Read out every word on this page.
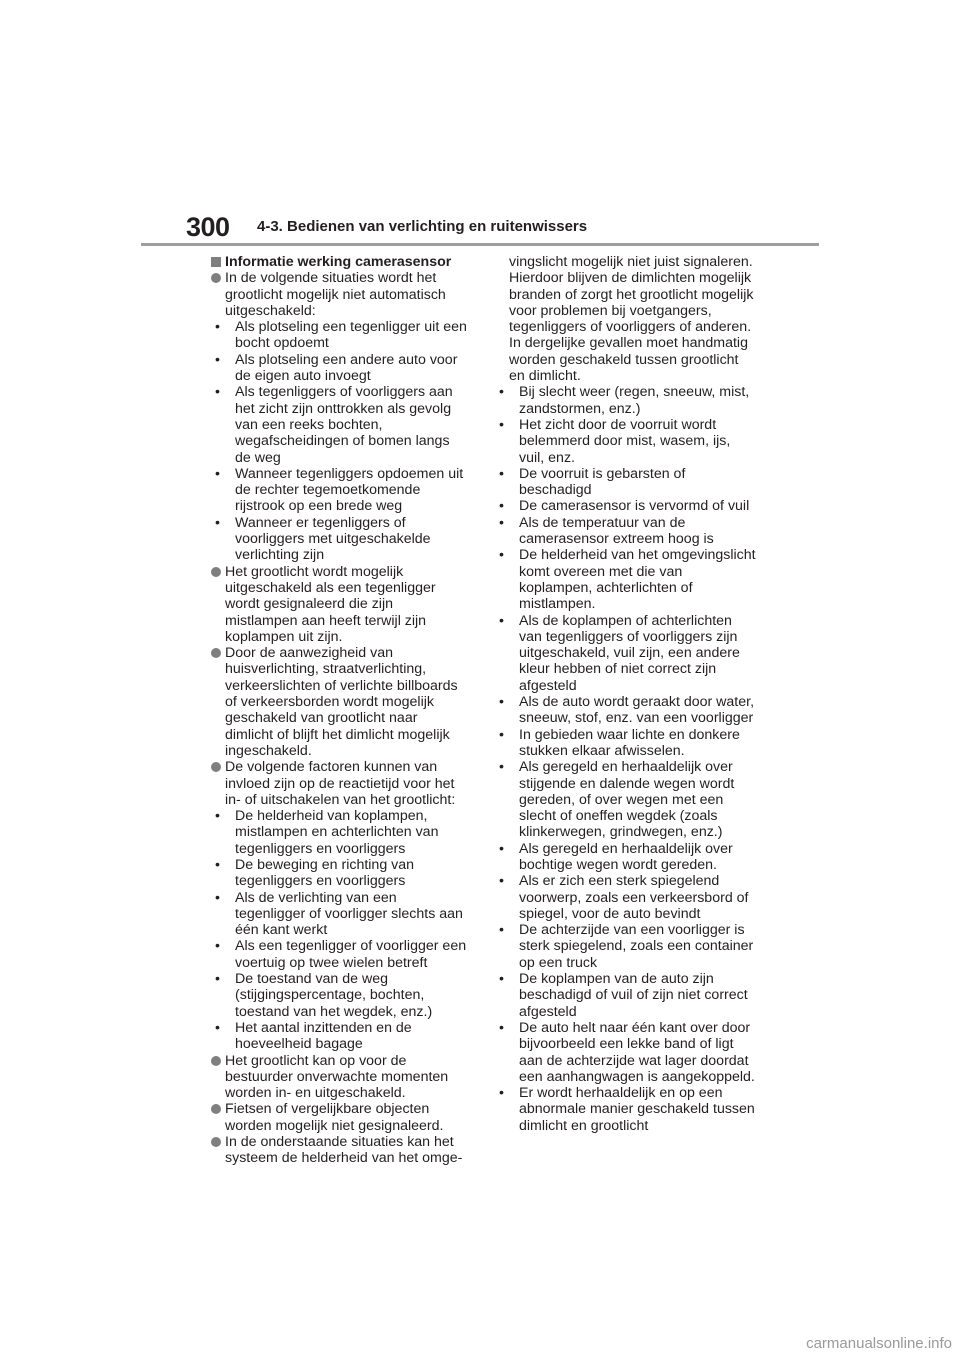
300 4-3. Bedienen van verlichting en ruitenwissers
Informatie werking camerasensor
In de volgende situaties wordt het grootlicht mogelijk niet automatisch uitgeschakeld:
• Als plotseling een tegenligger uit een bocht opdoemt
• Als plotseling een andere auto voor de eigen auto invoegt
• Als tegenliggers of voorliggers aan het zicht zijn onttrokken als gevolg van een reeks bochten, wegafscheidingen of bomen langs de weg
• Wanneer tegenliggers opdoemen uit de rechter tegemoetkomende rijstrook op een brede weg
• Wanneer er tegenliggers of voorliggers met uitgeschakelde verlichting zijn
Het grootlicht wordt mogelijk uitgeschakeld als een tegenligger wordt gesignaleerd die zijn mistlampen aan heeft terwijl zijn koplampen uit zijn.
Door de aanwezigheid van huisverlichting, straatverlichting, verkeerslichten of verlichte billboards of verkeersborden wordt mogelijk geschakeld van grootlicht naar dimlicht of blijft het dimlicht mogelijk ingeschakeld.
De volgende factoren kunnen van invloed zijn op de reactietijd voor het in- of uitschakelen van het grootlicht:
• De helderheid van koplampen, mistlampen en achterlichten van tegenliggers en voorliggers
• De beweging en richting van tegenliggers en voorliggers
• Als de verlichting van een tegenligger of voorligger slechts aan één kant werkt
• Als een tegenligger of voorligger een voertuig op twee wielen betreft
• De toestand van de weg (stijgingspercentage, bochten, toestand van het wegdek, enz.)
• Het aantal inzittenden en de hoeveelheid bagage
Het grootlicht kan op voor de bestuurder onverwachte momenten worden in- en uitgeschakeld.
Fietsen of vergelijkbare objecten worden mogelijk niet gesignaleerd.
In de onderstaande situaties kan het systeem de helderheid van het omge-
vingslicht mogelijk niet juist signaleren. Hierdoor blijven de dimlichten mogelijk branden of zorgt het grootlicht mogelijk voor problemen bij voetgangers, tegenliggers of voorliggers of anderen. In dergelijke gevallen moet handmatig worden geschakeld tussen grootlicht en dimlicht.
• Bij slecht weer (regen, sneeuw, mist, zandstormen, enz.)
• Het zicht door de voorruit wordt belemmerd door mist, wasem, ijs, vuil, enz.
• De voorruit is gebarsten of beschadigd
• De camerasensor is vervormd of vuil
• Als de temperatuur van de camerasensor extreem hoog is
• De helderheid van het omgevingslicht komt overeen met die van koplampen, achterlichten of mistlampen.
• Als de koplampen of achterlichten van tegenliggers of voorliggers zijn uitgeschakeld, vuil zijn, een andere kleur hebben of niet correct zijn afgesteld
• Als de auto wordt geraakt door water, sneeuw, stof, enz. van een voorligger
• In gebieden waar lichte en donkere stukken elkaar afwisselen.
• Als geregeld en herhaaldelijk over stijgende en dalende wegen wordt gereden, of over wegen met een slecht of oneffen wegdek (zoals klinkerwegen, grindwegen, enz.)
• Als geregeld en herhaaldelijk over bochtige wegen wordt gereden.
• Als er zich een sterk spiegelend voorwerp, zoals een verkeersbord of spiegel, voor de auto bevindt
• De achterzijde van een voorligger is sterk spiegelend, zoals een container op een truck
• De koplampen van de auto zijn beschadigd of vuil of zijn niet correct afgesteld
• De auto helt naar één kant over door bijvoorbeeld een lekke band of ligt aan de achterzijde wat lager doordat een aanhangwagen is aangekoppeld.
• Er wordt herhaaldelijk en op een abnormale manier geschakeld tussen dimlicht en grootlicht
carmanualsonline.info
